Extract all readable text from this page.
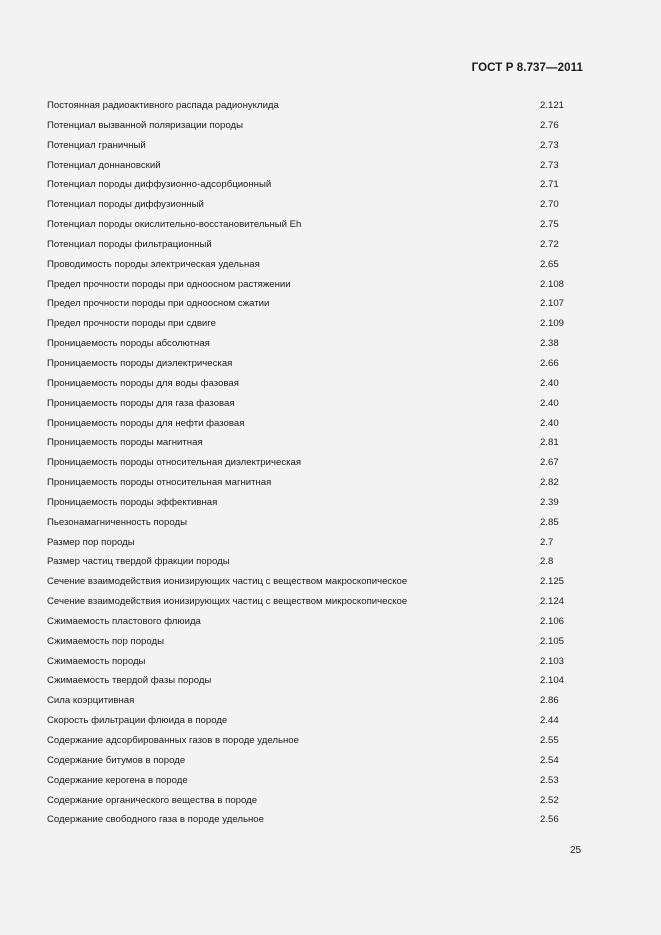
ГОСТ Р 8.737—2011
Постоянная радиоактивного распада радионуклида	2.121
Потенциал вызванной поляризации породы	2.76
Потенциал граничный	2.73
Потенциал доннановский	2.73
Потенциал породы диффузионно-адсорбционный	2.71
Потенциал породы диффузионный	2.70
Потенциал породы окислительно-восстановительный Eh	2.75
Потенциал породы фильтрационный	2.72
Проводимость породы электрическая удельная	2.65
Предел прочности породы при одноосном растяжении	2.108
Предел прочности породы при одноосном сжатии	2.107
Предел прочности породы при сдвиге	2.109
Проницаемость породы абсолютная	2.38
Проницаемость породы диэлектрическая	2.66
Проницаемость породы для воды фазовая	2.40
Проницаемость породы для газа фазовая	2.40
Проницаемость породы для нефти фазовая	2.40
Проницаемость породы магнитная	2.81
Проницаемость породы относительная диэлектрическая	2.67
Проницаемость породы относительная магнитная	2.82
Проницаемость породы эффективная	2.39
Пьезонамагниченность породы	2.85
Размер пор породы	2.7
Размер частиц твердой фракции породы	2.8
Сечение взаимодействия ионизирующих частиц с веществом макроскопическое	2.125
Сечение взаимодействия ионизирующих частиц с веществом микроскопическое	2.124
Сжимаемость пластового флюида	2.106
Сжимаемость пор породы	2.105
Сжимаемость породы	2.103
Сжимаемость твердой фазы породы	2.104
Сила коэрцитивная	2.86
Скорость фильтрации флюида в породе	2.44
Содержание адсорбированных газов в породе удельное	2.55
Содержание битумов в породе	2.54
Содержание керогена в породе	2.53
Содержание органического вещества в породе	2.52
Содержание свободного газа в породе удельное	2.56
25
